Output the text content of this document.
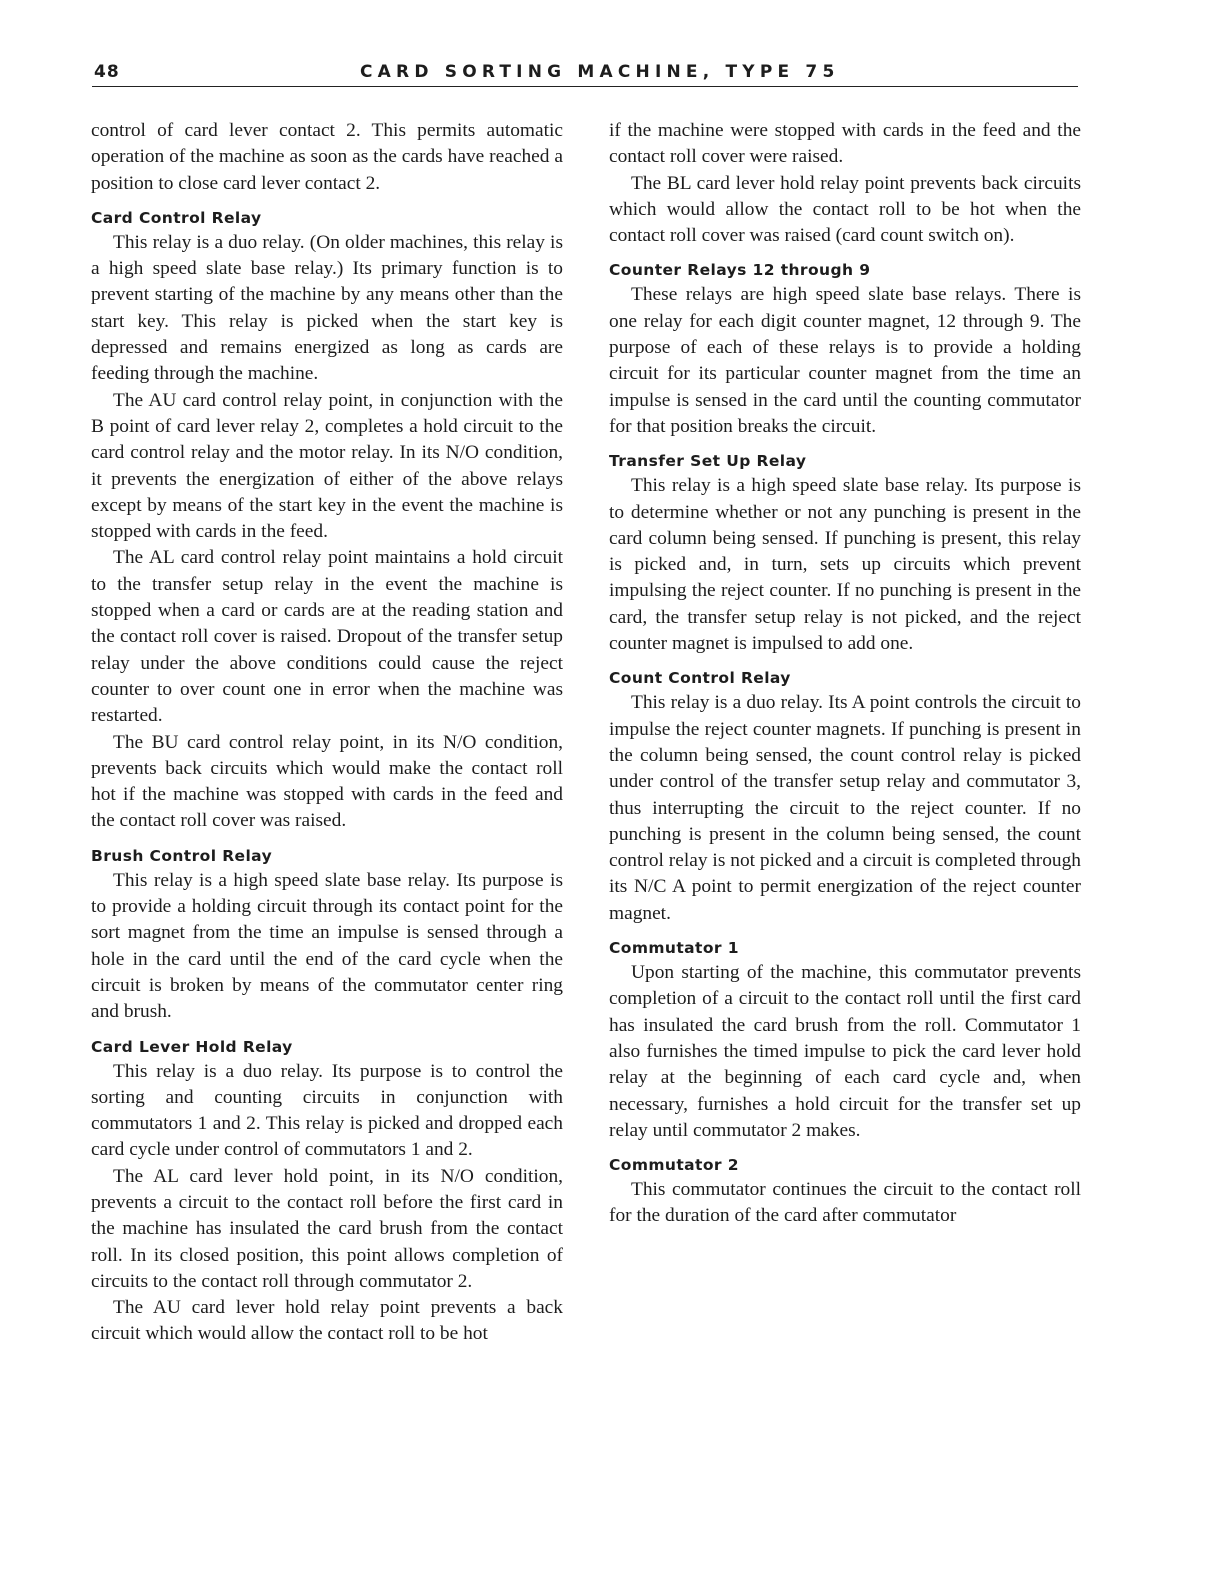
48	CARD SORTING MACHINE, TYPE 75

control of card lever contact 2. This permits automatic operation of the machine as soon as the cards have reached a position to close card lever contact 2.

Card Control Relay

This relay is a duo relay. (On older machines, this relay is a high speed slate base relay.) Its primary function is to prevent starting of the machine by any means other than the start key. This relay is picked when the start key is depressed and remains energized as long as cards are feeding through the machine.

The AU card control relay point, in conjunction with the B point of card lever relay 2, completes a hold circuit to the card control relay and the motor relay. In its N/O condition, it prevents the energization of either of the above relays except by means of the start key in the event the machine is stopped with cards in the feed.

The AL card control relay point maintains a hold circuit to the transfer setup relay in the event the machine is stopped when a card or cards are at the reading station and the contact roll cover is raised. Dropout of the transfer setup relay under the above conditions could cause the reject counter to over count one in error when the machine was restarted.

The BU card control relay point, in its N/O condition, prevents back circuits which would make the contact roll hot if the machine was stopped with cards in the feed and the contact roll cover was raised.

Brush Control Relay

This relay is a high speed slate base relay. Its purpose is to provide a holding circuit through its contact point for the sort magnet from the time an impulse is sensed through a hole in the card until the end of the card cycle when the circuit is broken by means of the commutator center ring and brush.

Card Lever Hold Relay

This relay is a duo relay. Its purpose is to control the sorting and counting circuits in conjunction with commutators 1 and 2. This relay is picked and dropped each card cycle under control of commutators 1 and 2.

The AL card lever hold point, in its N/O condition, prevents a circuit to the contact roll before the first card in the machine has insulated the card brush from the contact roll. In its closed position, this point allows completion of circuits to the contact roll through commutator 2.

The AU card lever hold relay point prevents a back circuit which would allow the contact roll to be hot

if the machine were stopped with cards in the feed and the contact roll cover were raised.

The BL card lever hold relay point prevents back circuits which would allow the contact roll to be hot when the contact roll cover was raised (card count switch on).

Counter Relays 12 through 9

These relays are high speed slate base relays. There is one relay for each digit counter magnet, 12 through 9. The purpose of each of these relays is to provide a holding circuit for its particular counter magnet from the time an impulse is sensed in the card until the counting commutator for that position breaks the circuit.

Transfer Set Up Relay

This relay is a high speed slate base relay. Its purpose is to determine whether or not any punching is present in the card column being sensed. If punching is present, this relay is picked and, in turn, sets up circuits which prevent impulsing the reject counter. If no punching is present in the card, the transfer setup relay is not picked, and the reject counter magnet is impulsed to add one.

Count Control Relay

This relay is a duo relay. Its A point controls the circuit to impulse the reject counter magnets. If punching is present in the column being sensed, the count control relay is picked under control of the transfer setup relay and commutator 3, thus interrupting the circuit to the reject counter. If no punching is present in the column being sensed, the count control relay is not picked and a circuit is completed through its N/C A point to permit energization of the reject counter magnet.

Commutator 1

Upon starting of the machine, this commutator prevents completion of a circuit to the contact roll until the first card has insulated the card brush from the roll. Commutator 1 also furnishes the timed impulse to pick the card lever hold relay at the beginning of each card cycle and, when necessary, furnishes a hold circuit for the transfer set up relay until commutator 2 makes.

Commutator 2

This commutator continues the circuit to the contact roll for the duration of the card after commutator
